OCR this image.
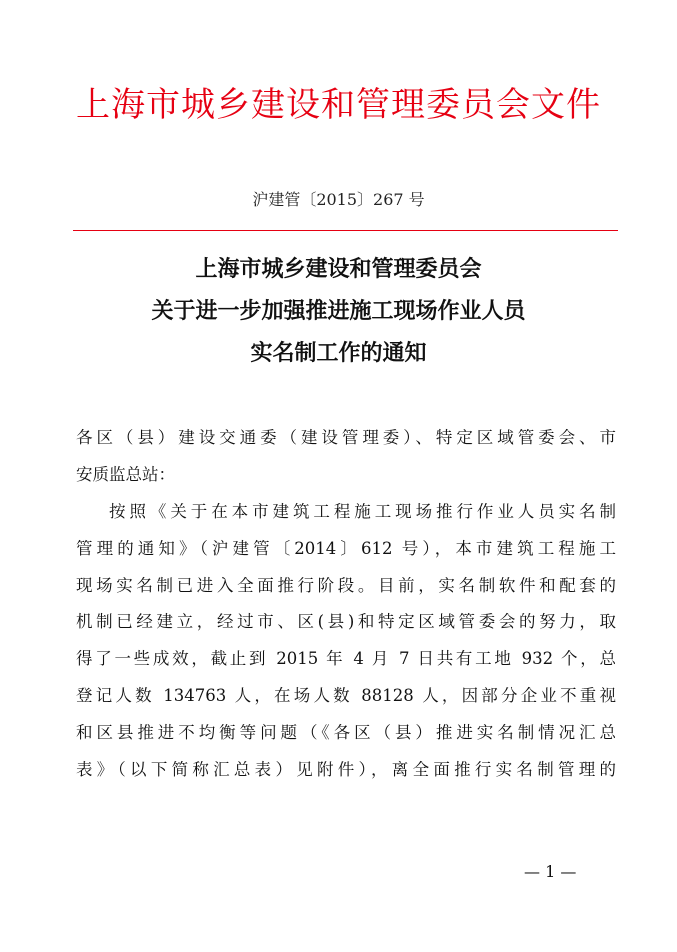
上海市城乡建设和管理委员会文件
沪建管〔2015〕267 号
上海市城乡建设和管理委员会
关于进一步加强推进施工现场作业人员
实名制工作的通知
各区（县）建设交通委（建设管理委）、特定区域管委会、市
安质监总站：
按照《关于在本市建筑工程施工现场推行作业人员实名制
管理的通知》（沪建管〔2014〕612 号），本市建筑工程施工
现场实名制已进入全面推行阶段。目前，实名制软件和配套的
机制已经建立，经过市、区(县)和特定区域管委会的努力，取
得了一些成效，截止到 2015 年 4 月 7 日共有工地 932 个，总
登记人数 134763 人，在场人数 88128 人，因部分企业不重视
和区县推进不均衡等问题（《各区（县）推进实名制情况汇总
表》（以下简称汇总表）见附件），离全面推行实名制管理的
— 1 —
